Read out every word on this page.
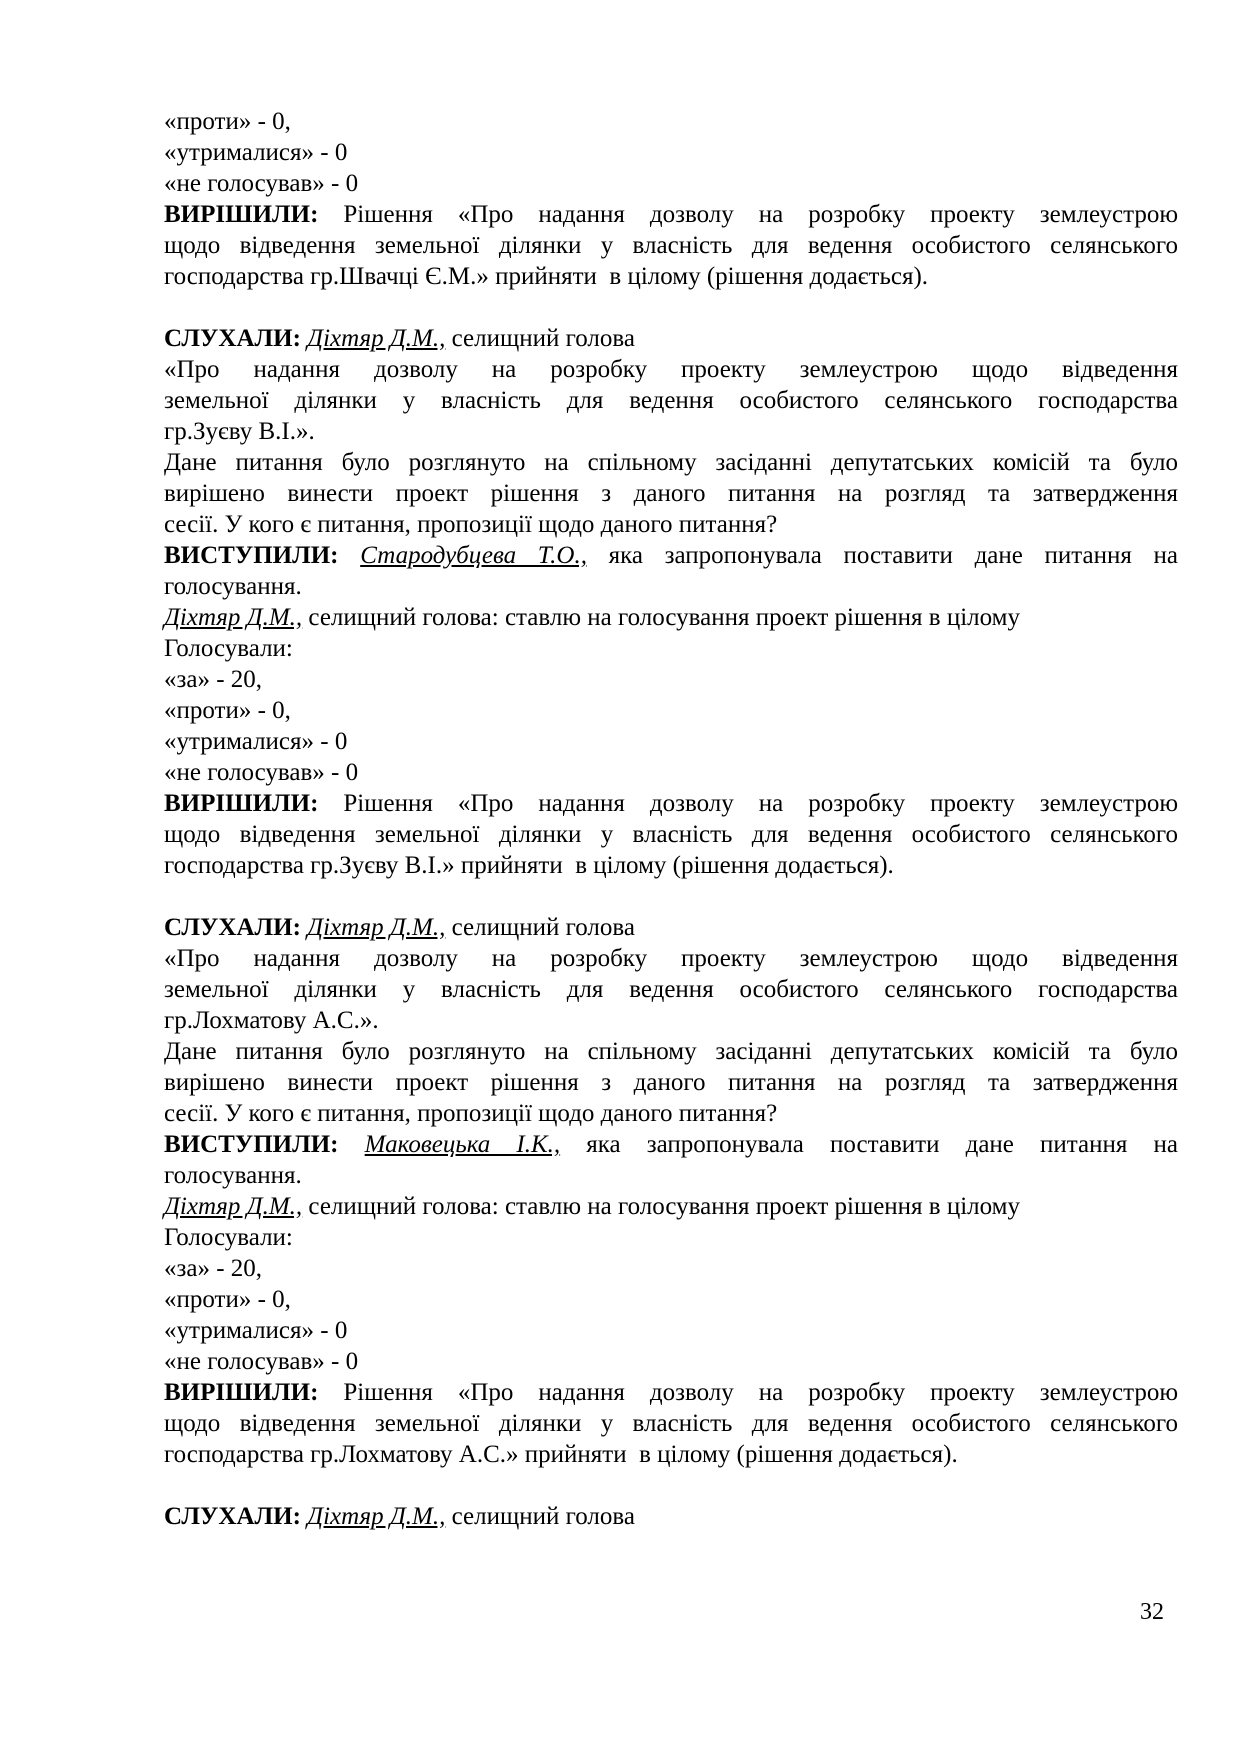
«проти» - 0,
«утрималися» - 0
«не голосував» - 0
ВИРІШИЛИ: Рішення «Про надання дозволу на розробку проекту землеустрою
щодо відведення земельної ділянки у власність для ведення особистого селянського
господарства гр.Швачці Є.М.» прийняти  в цілому (рішення додається).
СЛУХАЛИ: Діхтяр Д.М., селищний голова
«Про надання дозволу на розробку проекту землеустрою щодо відведення
земельної ділянки у власність для ведення особистого селянського господарства
гр.Зуєву В.І.».
Дане питання було розглянуто на спільному засіданні депутатських комісій та було
вирішено винести проект рішення з даного питання на розгляд та затвердження
сесії. У кого є питання, пропозиції щодо даного питання?
ВИСТУПИЛИ: Стародубцева Т.О., яка запропонувала поставити дане питання на
голосування.
Діхтяр Д.М., селищний голова: ставлю на голосування проект рішення в цілому
Голосували:
«за» - 20,
«проти» - 0,
«утрималися» - 0
«не голосував» - 0
ВИРІШИЛИ: Рішення «Про надання дозволу на розробку проекту землеустрою
щодо відведення земельної ділянки у власність для ведення особистого селянського
господарства гр.Зуєву В.І.» прийняти  в цілому (рішення додається).
СЛУХАЛИ: Діхтяр Д.М., селищний голова
«Про надання дозволу на розробку проекту землеустрою щодо відведення
земельної ділянки у власність для ведення особистого селянського господарства
гр.Лохматову А.С.».
Дане питання було розглянуто на спільному засіданні депутатських комісій та було
вирішено винести проект рішення з даного питання на розгляд та затвердження
сесії. У кого є питання, пропозиції щодо даного питання?
ВИСТУПИЛИ: Маковецька І.К., яка запропонувала поставити дане питання на
голосування.
Діхтяр Д.М., селищний голова: ставлю на голосування проект рішення в цілому
Голосували:
«за» - 20,
«проти» - 0,
«утрималися» - 0
«не голосував» - 0
ВИРІШИЛИ: Рішення «Про надання дозволу на розробку проекту землеустрою
щодо відведення земельної ділянки у власність для ведення особистого селянського
господарства гр.Лохматову А.С.» прийняти  в цілому (рішення додається).
СЛУХАЛИ: Діхтяр Д.М., селищний голова
32
